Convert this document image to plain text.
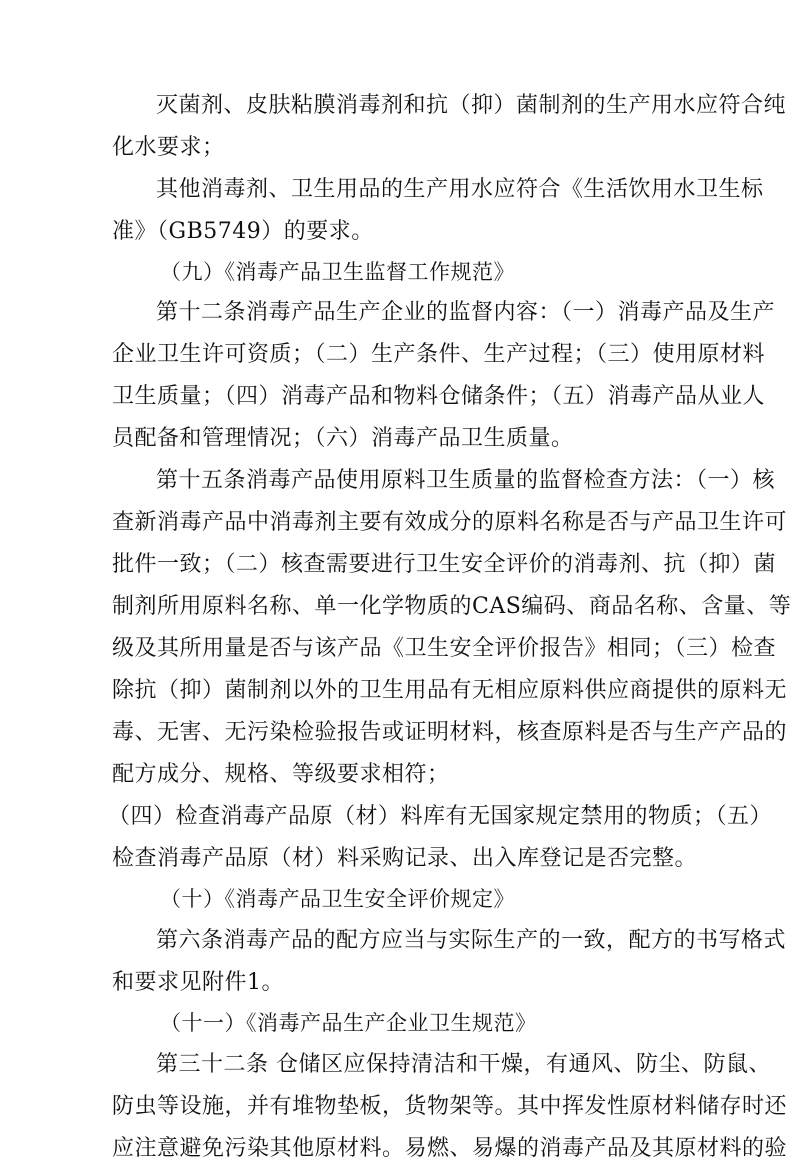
灭菌剂、皮肤粘膜消毒剂和抗（抑）菌制剂的生产用水应符合纯
化水要求；
其他消毒剂、卫生用品的生产用水应符合《生活饮用水卫生标
准》（GB5749）的要求。
（九）《消毒产品卫生监督工作规范》
第十二条消毒产品生产企业的监督内容：（一）消毒产品及生产
企业卫生许可资质；（二）生产条件、生产过程；（三）使用原材料
卫生质量；（四）消毒产品和物料仓储条件；（五）消毒产品从业人
员配备和管理情况；（六）消毒产品卫生质量。
第十五条消毒产品使用原料卫生质量的监督检查方法：（一）核
查新消毒产品中消毒剂主要有效成分的原料名称是否与产品卫生许可
批件一致；（二）核查需要进行卫生安全评价的消毒剂、抗（抑）菌
制剂所用原料名称、单一化学物质的CAS编码、商品名称、含量、等
级及其所用量是否与该产品《卫生安全评价报告》相同；（三）检查
除抗（抑）菌制剂以外的卫生用品有无相应原料供应商提供的原料无
毒、无害、无污染检验报告或证明材料，核查原料是否与生产产品的
配方成分、规格、等级要求相符；
（四）检查消毒产品原（材）料库有无国家规定禁用的物质；（五）
检查消毒产品原（材）料采购记录、出入库登记是否完整。
（十）《消毒产品卫生安全评价规定》
第六条消毒产品的配方应当与实际生产的一致，配方的书写格式
和要求见附件1。
（十一）《消毒产品生产企业卫生规范》
第三十二条 仓储区应保持清洁和干燥，有通风、防尘、防鼠、
防虫等设施，并有堆物垫板，货物架等。其中挥发性原材料储存时还
应注意避免污染其他原材料。易燃、易爆的消毒产品及其原材料的验
